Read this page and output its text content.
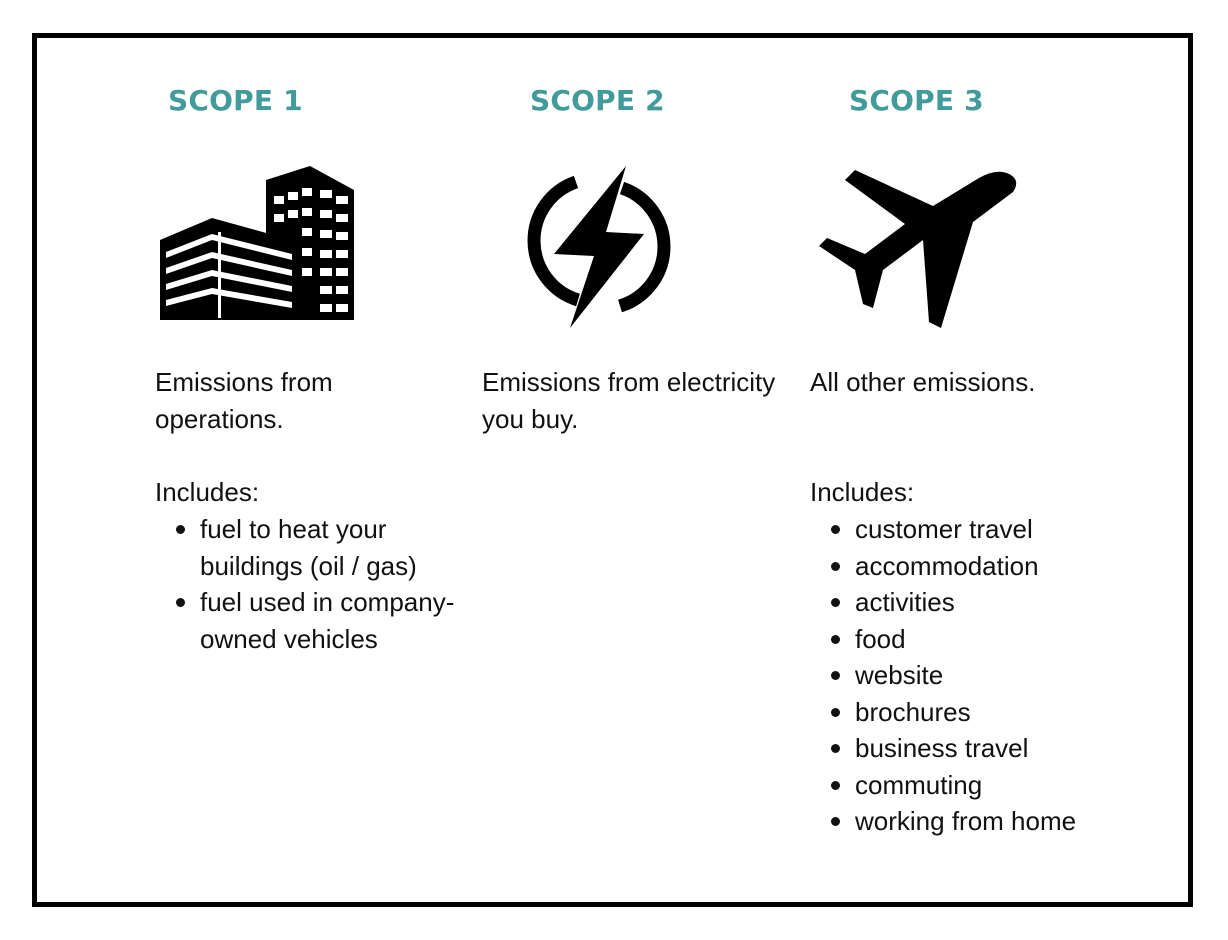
SCOPE 1

Emissions from operations.

Includes:

fuel to heat your buildings (oil / gas)
fuel used in company-owned vehicles
SCOPE 2

Emissions from electricity you buy.

SCOPE 3

All other emissions.

Includes:

customer travel
accommodation
activities
food
website
brochures
business travel
commuting
working from home
